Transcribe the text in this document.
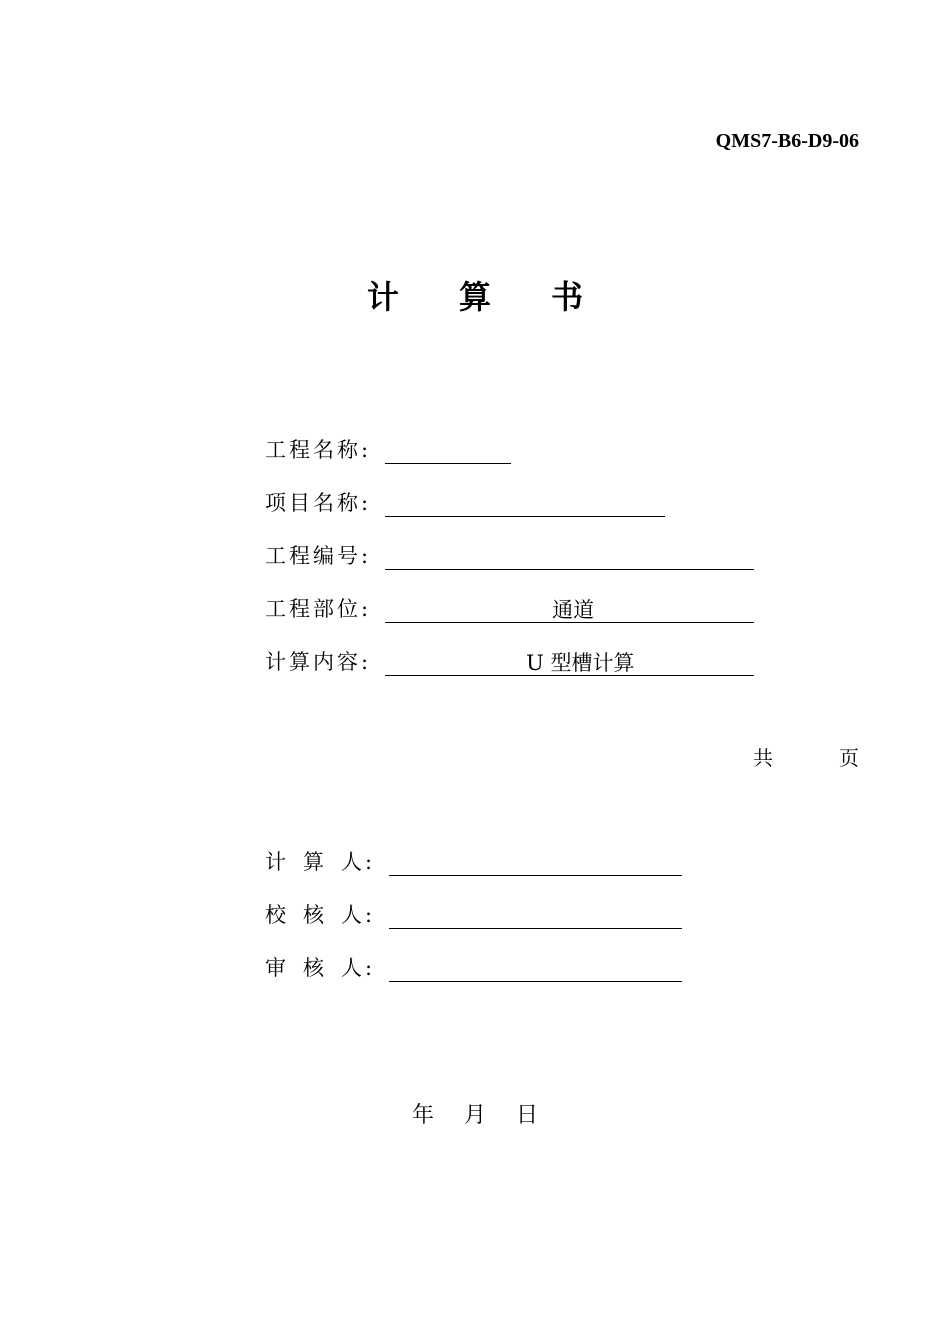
QMS7-B6-D9-06
计 算 书
工程名称:
项目名称:
工程编号:
工程部位:	通道
计算内容:	U 型槽计算
共	页
计 算 人:
校 核 人:
审 核 人:
年 月 日
